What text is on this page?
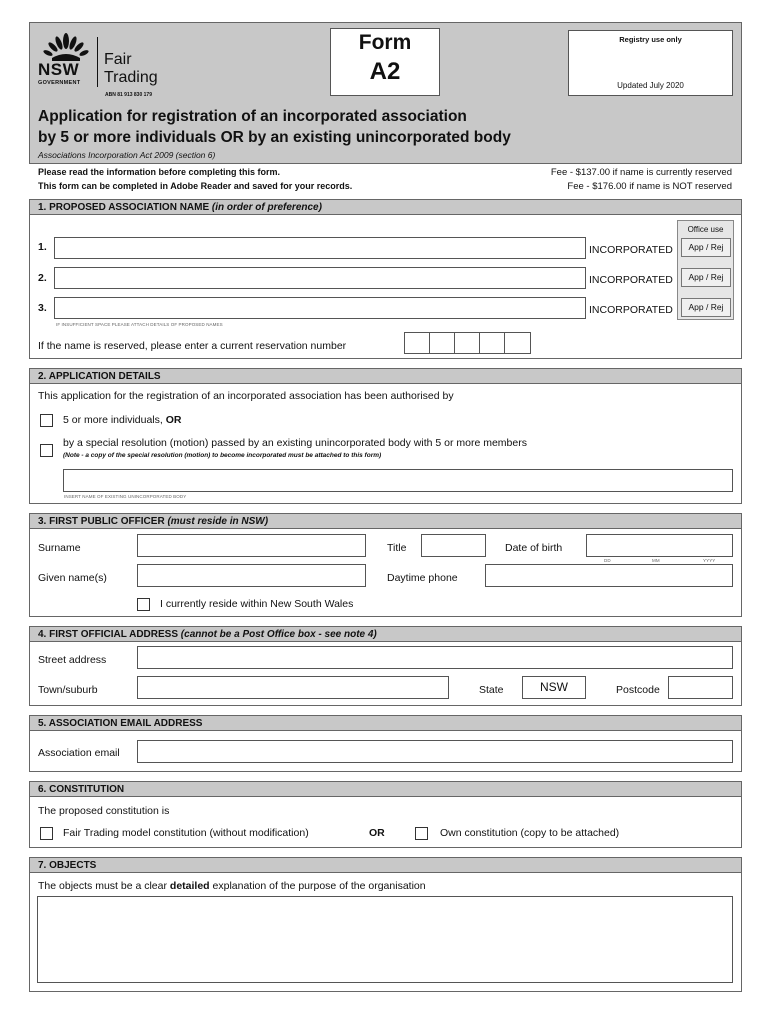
NSW
GOVERNMENT
Fair
Trading
ABN 81 913 830 179
Form
A2
Registry use only
Updated July 2020
Application for registration of an incorporated association
by 5 or more individuals OR by an existing unincorporated body
Associations Incorporation Act 2009 (section 6)
Please read the information before completing this form.
This form can be completed in Adobe Reader and saved for your records.
Fee - $137.00 if name is currently reserved
Fee - $176.00 if name is NOT reserved
1. PROPOSED ASSOCIATION NAME (in order of preference)
Office use
1.	INCORPORATED	App / Rej
2.	INCORPORATED	App / Rej
3.	INCORPORATED	App / Rej
IF INSUFFICIENT SPACE PLEASE ATTACH DETAILS OF PROPOSED NAMES
If the name is reserved, please enter a current reservation number
2. APPLICATION DETAILS
This application for the registration of an incorporated association has been authorised by
5 or more individuals, OR
by a special resolution (motion) passed by an existing unincorporated body with 5 or more members
(Note - a copy of the special resolution (motion) to become incorporated must be attached to this form)
INSERT NAME OF EXISTING UNINCORPORATED BODY
3. FIRST PUBLIC OFFICER (must reside in NSW)
Surname	Title	Date of birth
DD	MM	YYYY
Given name(s)	Daytime phone
I currently reside within New South Wales
4. FIRST OFFICIAL ADDRESS (cannot be a Post Office box - see note 4)
Street address
Town/suburb	State	NSW	Postcode
5. ASSOCIATION EMAIL ADDRESS
Association email
6. CONSTITUTION
The proposed constitution is
Fair Trading model constitution (without modification)	OR	Own constitution (copy to be attached)
7. OBJECTS
The objects must be a clear detailed explanation of the purpose of the organisation
